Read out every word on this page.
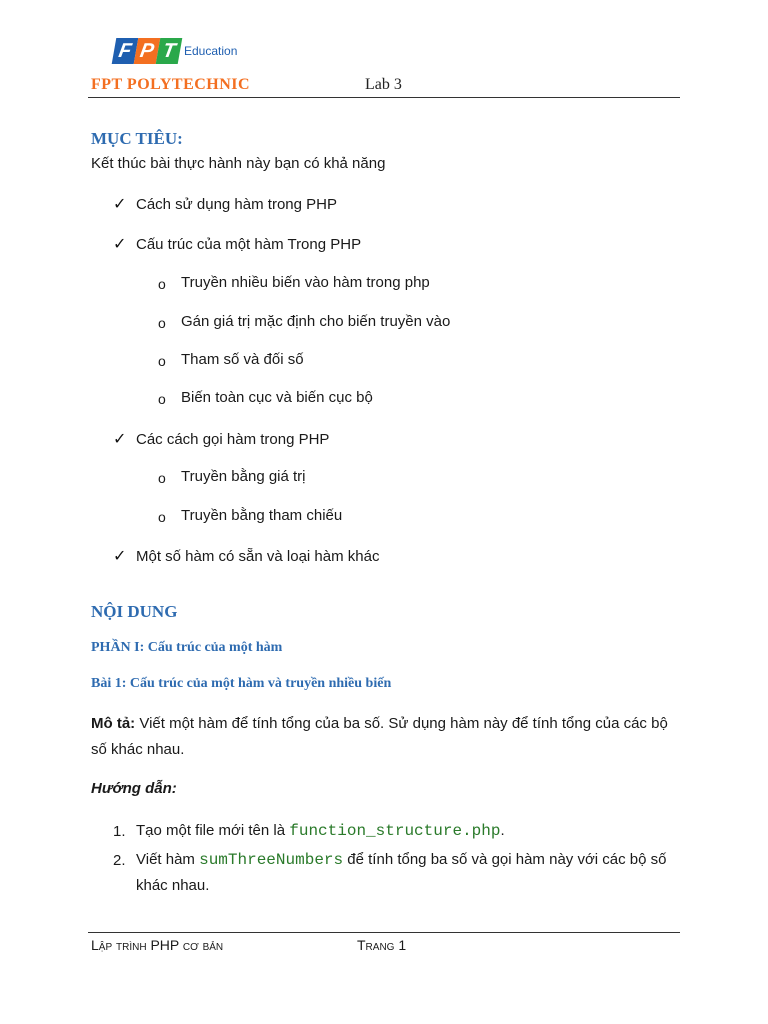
F P T Education
FPT POLYTECHNIC	Lab 3
MỤC TIÊU:
Kết thúc bài thực hành này bạn có khả năng
✓ Cách sử dụng hàm trong PHP
✓ Cấu trúc của một hàm Trong PHP
o Truyền nhiều biến vào hàm trong php
o Gán giá trị mặc định cho biến truyền vào
o Tham số và đối số
o Biến toàn cục và biến cục bộ
✓ Các cách gọi hàm trong PHP
o Truyền bằng giá trị
o Truyền bằng tham chiếu
✓ Một số hàm có sẵn và loại hàm khác
NỘI DUNG
PHẦN I: Cấu trúc của một hàm
Bài 1: Cấu trúc của một hàm và truyền nhiều biến
Mô tả: Viết một hàm để tính tổng của ba số. Sử dụng hàm này để tính tổng của các bộ số khác nhau.
Hướng dẫn:
1. Tạo một file mới tên là function_structure.php.
2. Viết hàm sumThreeNumbers để tính tổng ba số và gọi hàm này với các bộ số khác nhau.
Lập trình PHP cơ bản	Trang 1
